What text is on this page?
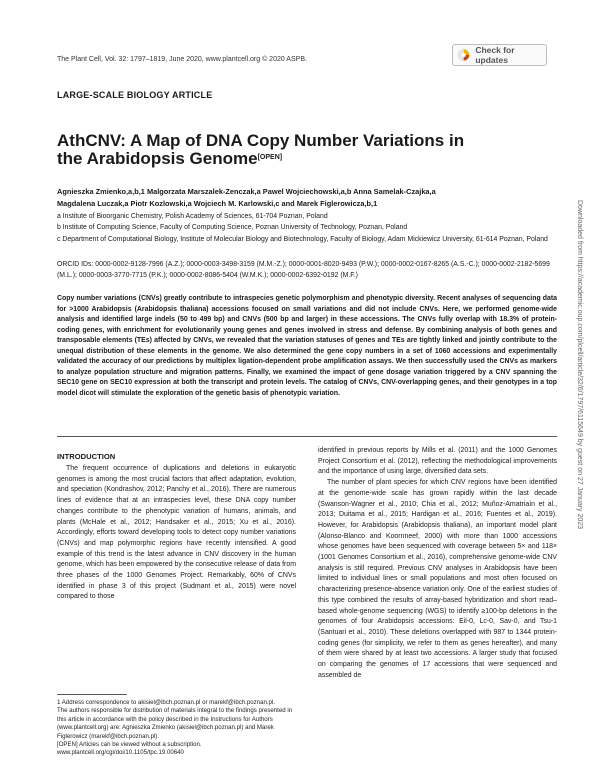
The Plant Cell, Vol. 32: 1797–1819, June 2020, www.plantcell.org © 2020 ASPB.
Check for updates
LARGE-SCALE BIOLOGY ARTICLE
AthCNV: A Map of DNA Copy Number Variations in the Arabidopsis Genome[OPEN]
Agnieszka Zmienko,a,b,1 Malgorzata Marszalek-Zenczak,a Pawel Wojciechowski,a,b Anna Samelak-Czajka,a
Magdalena Luczak,a Piotr Kozlowski,a Wojciech M. Karlowski,c and Marek Figlerowicza,b,1
a Institute of Bioorganic Chemistry, Polish Academy of Sciences, 61-704 Poznan, Poland
b Institute of Computing Science, Faculty of Computing Science, Poznan University of Technology, Poznan, Poland
c Department of Computational Biology, Institute of Molecular Biology and Biotechnology, Faculty of Biology, Adam Mickiewicz University, 61-614 Poznan, Poland
ORCID IDs: 0000-0002-9128-7996 (A.Z.); 0000-0003-3498-3159 (M.M.-Z.); 0000-0001-8020-9493 (P.W.); 0000-0002-0167-8265 (A.S.-C.); 0000-0002-2182-5699 (M.L.); 0000-0003-3770-7715 (P.K.); 0000-0002-8086-5404 (W.M.K.); 0000-0002-6392-0192 (M.F.)
Copy number variations (CNVs) greatly contribute to intraspecies genetic polymorphism and phenotypic diversity. Recent analyses of sequencing data for >1000 Arabidopsis (Arabidopsis thaliana) accessions focused on small variations and did not include CNVs. Here, we performed genome-wide analysis and identified large indels (50 to 499 bp) and CNVs (500 bp and larger) in these accessions. The CNVs fully overlap with 18.3% of protein-coding genes, with enrichment for evolutionarily young genes and genes involved in stress and defense. By combining analysis of both genes and transposable elements (TEs) affected by CNVs, we revealed that the variation statuses of genes and TEs are tightly linked and jointly contribute to the unequal distribution of these elements in the genome. We also determined the gene copy numbers in a set of 1060 accessions and experimentally validated the accuracy of our predictions by multiplex ligation-dependent probe amplification assays. We then successfully used the CNVs as markers to analyze population structure and migration patterns. Finally, we examined the impact of gene dosage variation triggered by a CNV spanning the SEC10 gene on SEC10 expression at both the transcript and protein levels. The catalog of CNVs, CNV-overlapping genes, and their genotypes in a top model dicot will stimulate the exploration of the genetic basis of phenotypic variation.
INTRODUCTION

The frequent occurrence of duplications and deletions in eukaryotic genomes is among the most crucial factors that affect adaptation, evolution, and speciation (Kondrashov, 2012; Panchy et al., 2016). There are numerous lines of evidence that at an intraspecies level, these DNA copy number changes contribute to the phenotypic variation of humans, animals, and plants (McHale et al., 2012; Handsaker et al., 2015; Xu et al., 2016). Accordingly, efforts toward developing tools to detect copy number variations (CNVs) and map polymorphic regions have recently intensified. A good example of this trend is the latest advance in CNV discovery in the human genome, which has been empowered by the consecutive release of data from three phases of the 1000 Genomes Project. Remarkably, 60% of CNVs identified in phase 3 of this project (Sudmant et al., 2015) were novel compared to those

identified in previous reports by Mills et al. (2011) and the 1000 Genomes Project Consortium et al. (2012), reflecting the methodological improvements and the importance of using large, diversified data sets.

The number of plant species for which CNV regions have been identified at the genome-wide scale has grown rapidly within the last decade (Swanson-Wagner et al., 2010; Chia et al., 2012; Muñoz-Amatriaín et al., 2013; Duitama et al., 2015; Hardigan et al., 2016; Fuentes et al., 2019). However, for Arabidopsis (Arabidopsis thaliana), an important model plant (Alonso-Blanco and Koornneef, 2000) with more than 1000 accessions whose genomes have been sequenced with coverage between 5× and 118× (1001 Genomes Consortium et al., 2016), comprehensive genome-wide CNV analysis is still required. Previous CNV analyses in Arabidopsis have been limited to individual lines or small populations and most often focused on characterizing presence-absence variation only. One of the earliest studies of this type combined the results of array-based hybridization and short read–based whole-genome sequencing (WGS) to identify ≥100-bp deletions in the genomes of four Arabidopsis accessions: Eil-0, Lc-0, Sav-0, and Tsu-1 (Santuari et al., 2010). These deletions overlapped with 987 to 1344 protein-coding genes (for simplicity, we refer to them as genes hereafter), and many of them were shared by at least two accessions. A larger study that focused on comparing the genomes of 17 accessions that were sequenced and assembled de

1 Address correspondence to akisiel@ibch.poznan.pl or marekf@ibch.poznan.pl.
The authors responsible for distribution of materials integral to the findings presented in this article in accordance with the policy described in the Instructions for Authors (www.plantcell.org) are: Agnieszka Zmienko (akisiel@ibch.poznan.pl) and Marek Figlerowicz (marekf@ibch.poznan.pl).
[OPEN] Articles can be viewed without a subscription.
www.plantcell.org/cgi/doi/10.1105/tpc.19.00640
Downloaded from https://academic.oup.com/plcell/article/32/6/1797/6115649 by guest on 27 January 2023
